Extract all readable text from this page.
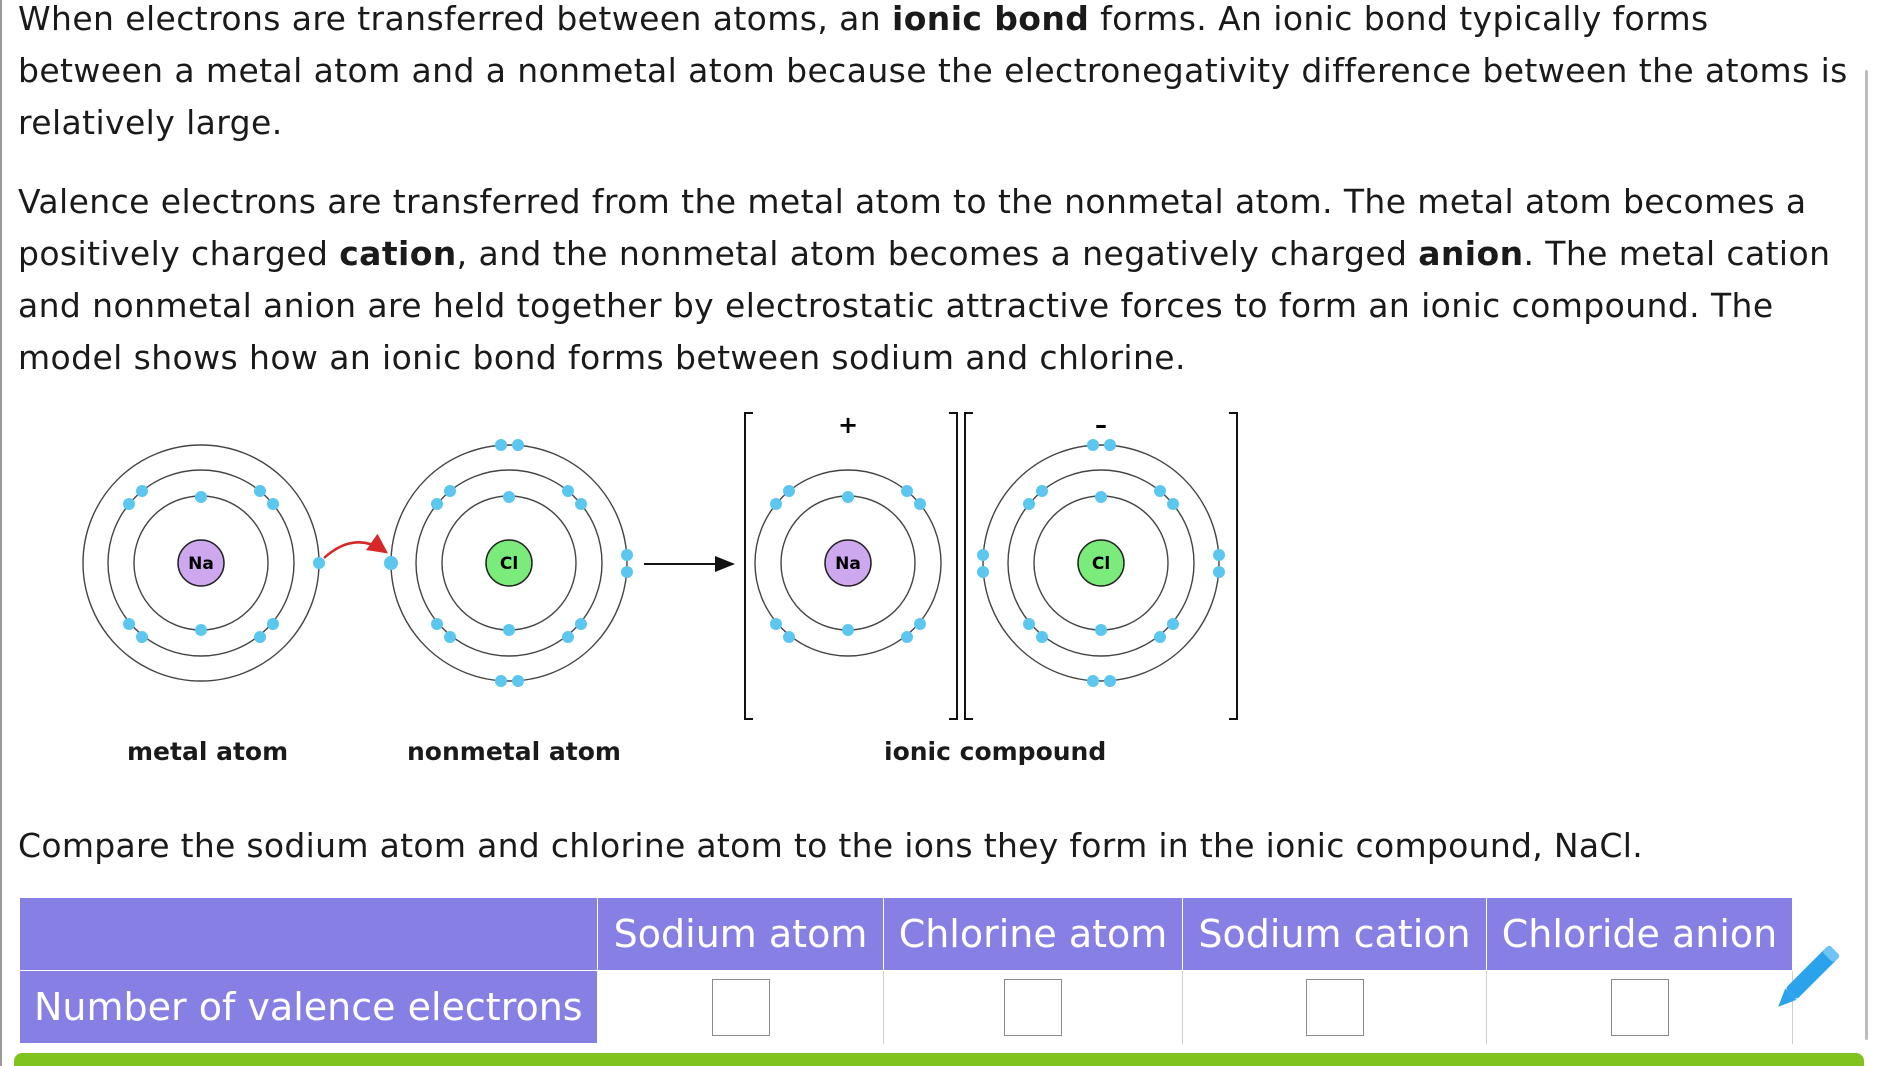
When electrons are transferred between atoms, an ionic bond forms. An ionic bond typically forms between a metal atom and a nonmetal atom because the electronegativity difference between the atoms is relatively large.

Valence electrons are transferred from the metal atom to the nonmetal atom. The metal atom becomes a positively charged cation, and the nonmetal atom becomes a negatively charged anion. The metal cation and nonmetal anion are held together by electrostatic attractive forces to form an ionic compound. The model shows how an ionic bond forms between sodium and chlorine.

Na	Cl
+
Na
–
Cl
metal atom	nonmetal atom	ionic compound

Compare the sodium atom and chlorine atom to the ions they form in the ionic compound, NaCl.

	Sodium atom	Chlorine atom	Sodium cation	Chloride anion
Number of valence electrons	
